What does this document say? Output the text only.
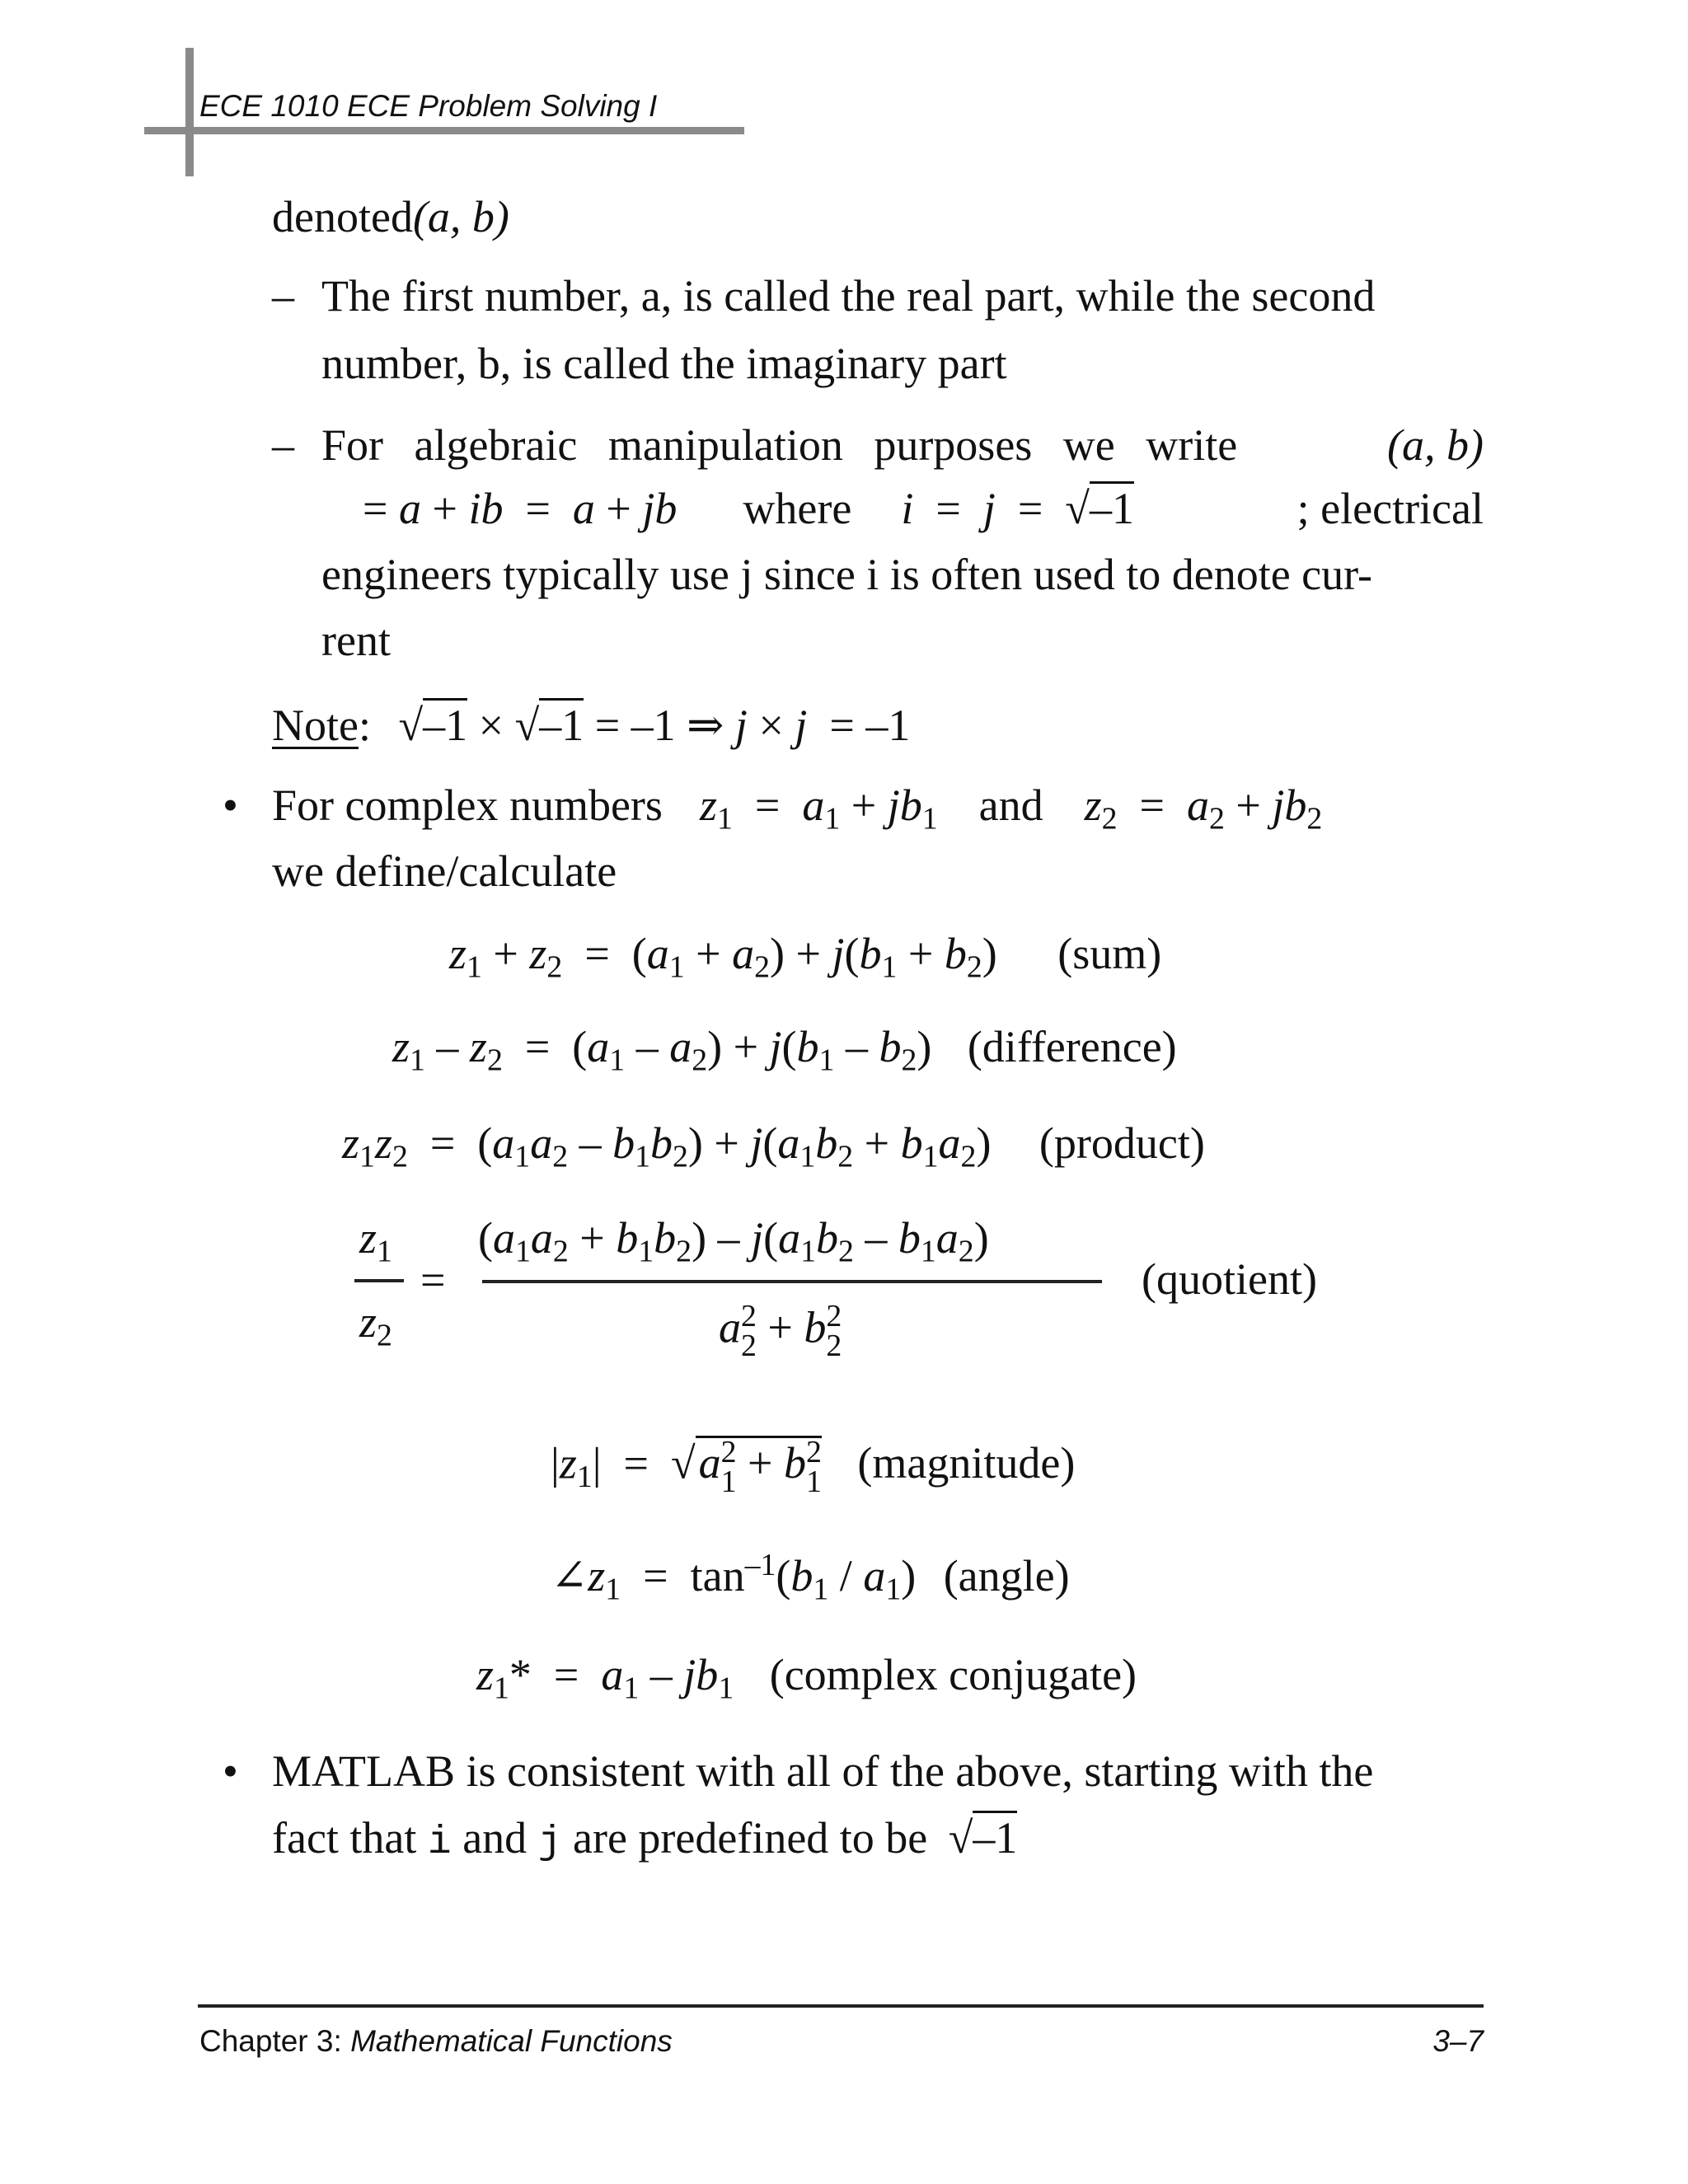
ECE 1010 ECE Problem Solving I
denoted(a, b)
– The first number, a, is called the real part, while the second
number, b, is called the imaginary part
– For algebraic manipulation purposes we write	(a, b)
= a + ib  =  a + jb where i  =  j  =  √–1	; electrical
engineers typically use j since i is often used to denote cur-
rent
Note: √–1 × √–1 = –1 ⇒ j × j  = –1
• For complex numbers $z_1 = a_1 + jb_1$ and $z_2 = a_2 + jb_2$
we define/calculate
$z_1 + z_2 = (a_1 + a_2) + j(b_1 + b_2)$ (sum)
$z_1 - z_2 = (a_1 - a_2) + j(b_1 - b_2)$ (difference)
$z_1z_2 = (a_1a_2 - b_1b_2) + j(a_1b_2 + b_1a_2)$ (product)
$z_1$
$z_2$
=
$(a_1a_2 + b_1b_2) - j(a_1b_2 - b_1a_2)$
a 2
2 + b 2
2
(quotient)
$|z_1| = √a$ 2
1 + b 2
1 (magnitude)
$\angle z_1 = \tan^{-1}(b_1 / a_1)$ (angle)
$z_1* = a_1 - jb_1$ (complex conjugate)
• MATLAB is consistent with all of the above, starting with the
fact that i and j are predefined to be √–1
Chapter 3: Mathematical Functions	3–7
